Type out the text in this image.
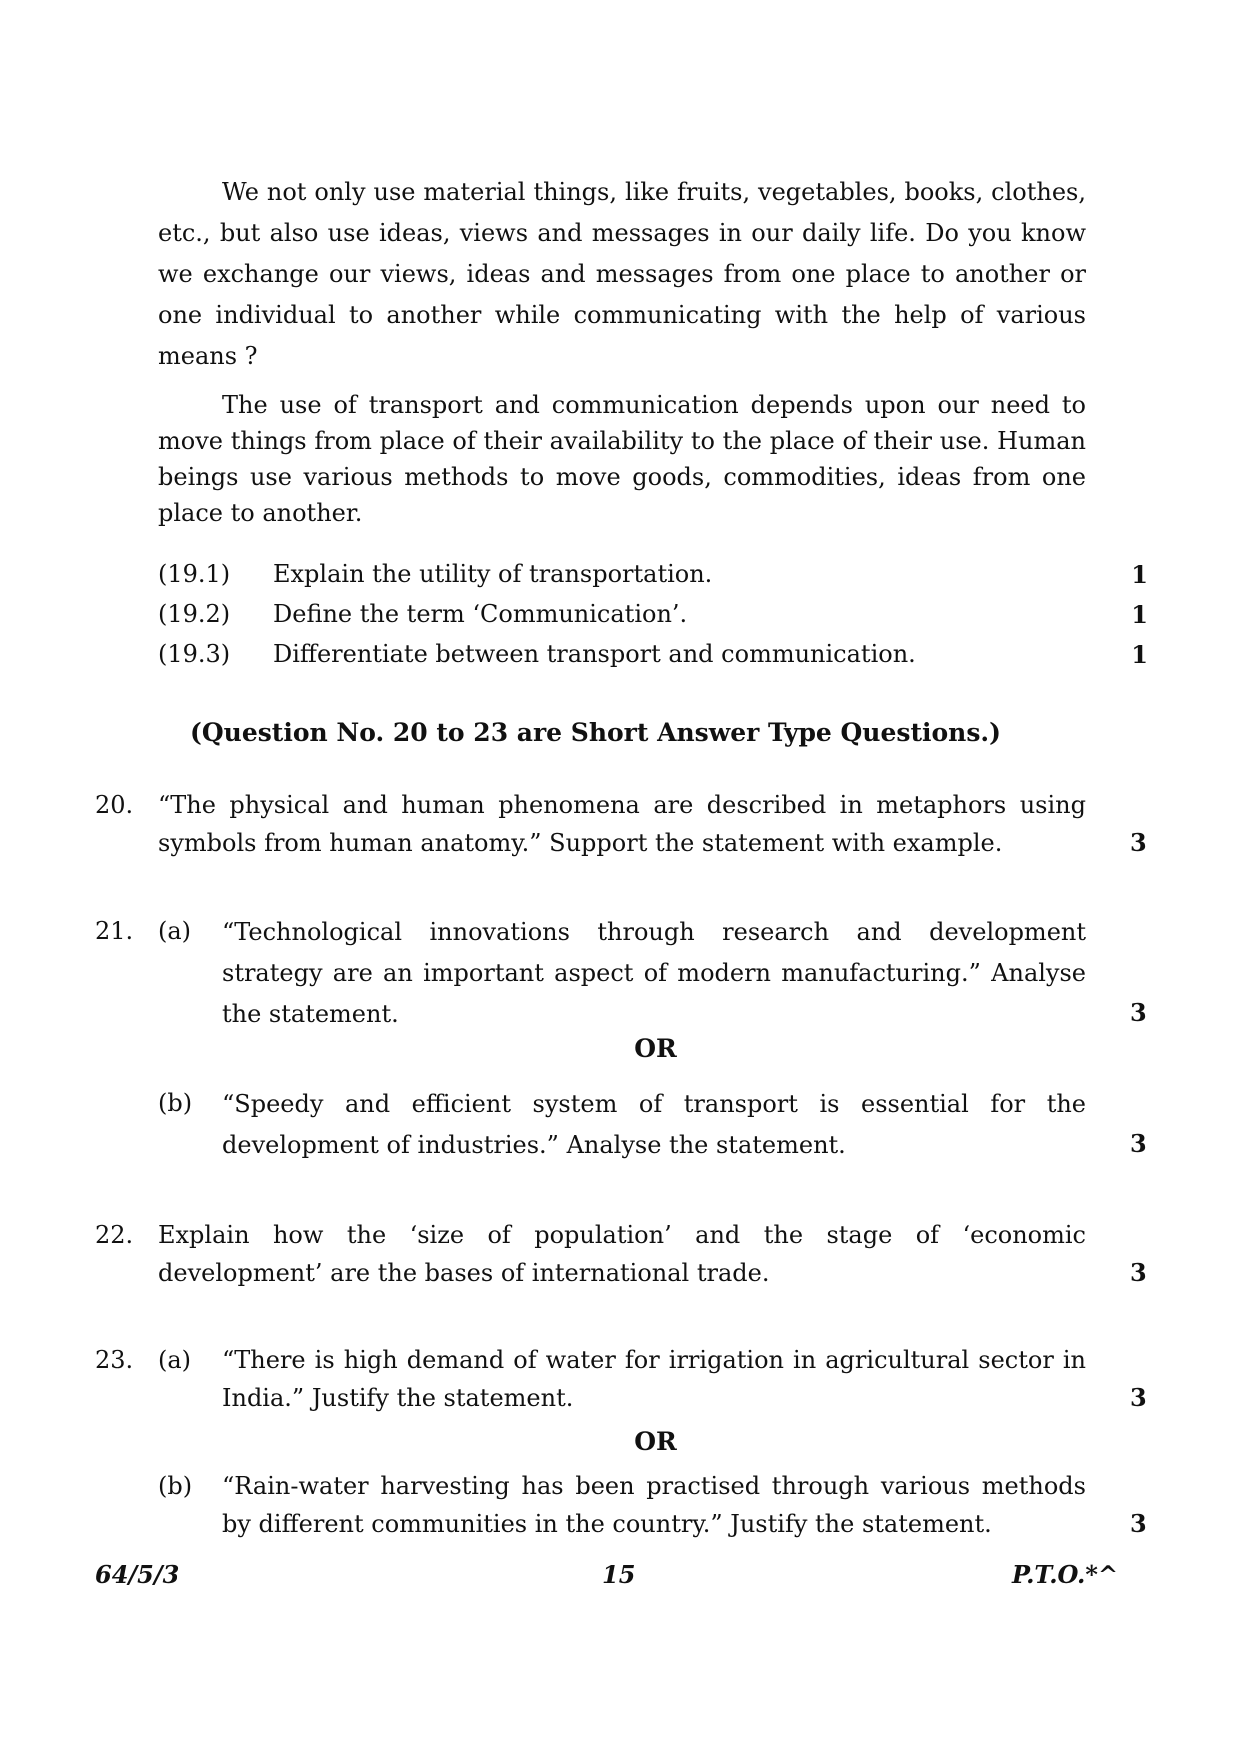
We not only use material things, like fruits, vegetables, books, clothes, etc., but also use ideas, views and messages in our daily life. Do you know we exchange our views, ideas and messages from one place to another or one individual to another while communicating with the help of various means ?

The use of transport and communication depends upon our need to move things from place of their availability to the place of their use. Human beings use various methods to move goods, commodities, ideas from one place to another.

(19.1) Explain the utility of transportation.	1
(19.2) Define the term ‘Communication’.	1
(19.3) Differentiate between transport and communication.	1
(Question No. 20 to 23 are Short Answer Type Questions.)
20. “The physical and human phenomena are described in metaphors using symbols from human anatomy.” Support the statement with example.	3
21. (a) “Technological innovations through research and development strategy are an important aspect of modern manufacturing.” Analyse the statement.	3
OR
(b) “Speedy and efficient system of transport is essential for the development of industries.” Analyse the statement.	3
22. Explain how the ‘size of population’ and the stage of ‘economic development’ are the bases of international trade.	3
23. (a) “There is high demand of water for irrigation in agricultural sector in India.” Justify the statement.	3
OR
(b) “Rain-water harvesting has been practised through various methods by different communities in the country.” Justify the statement.	3
64/5/3	15	P.T.O.*^
